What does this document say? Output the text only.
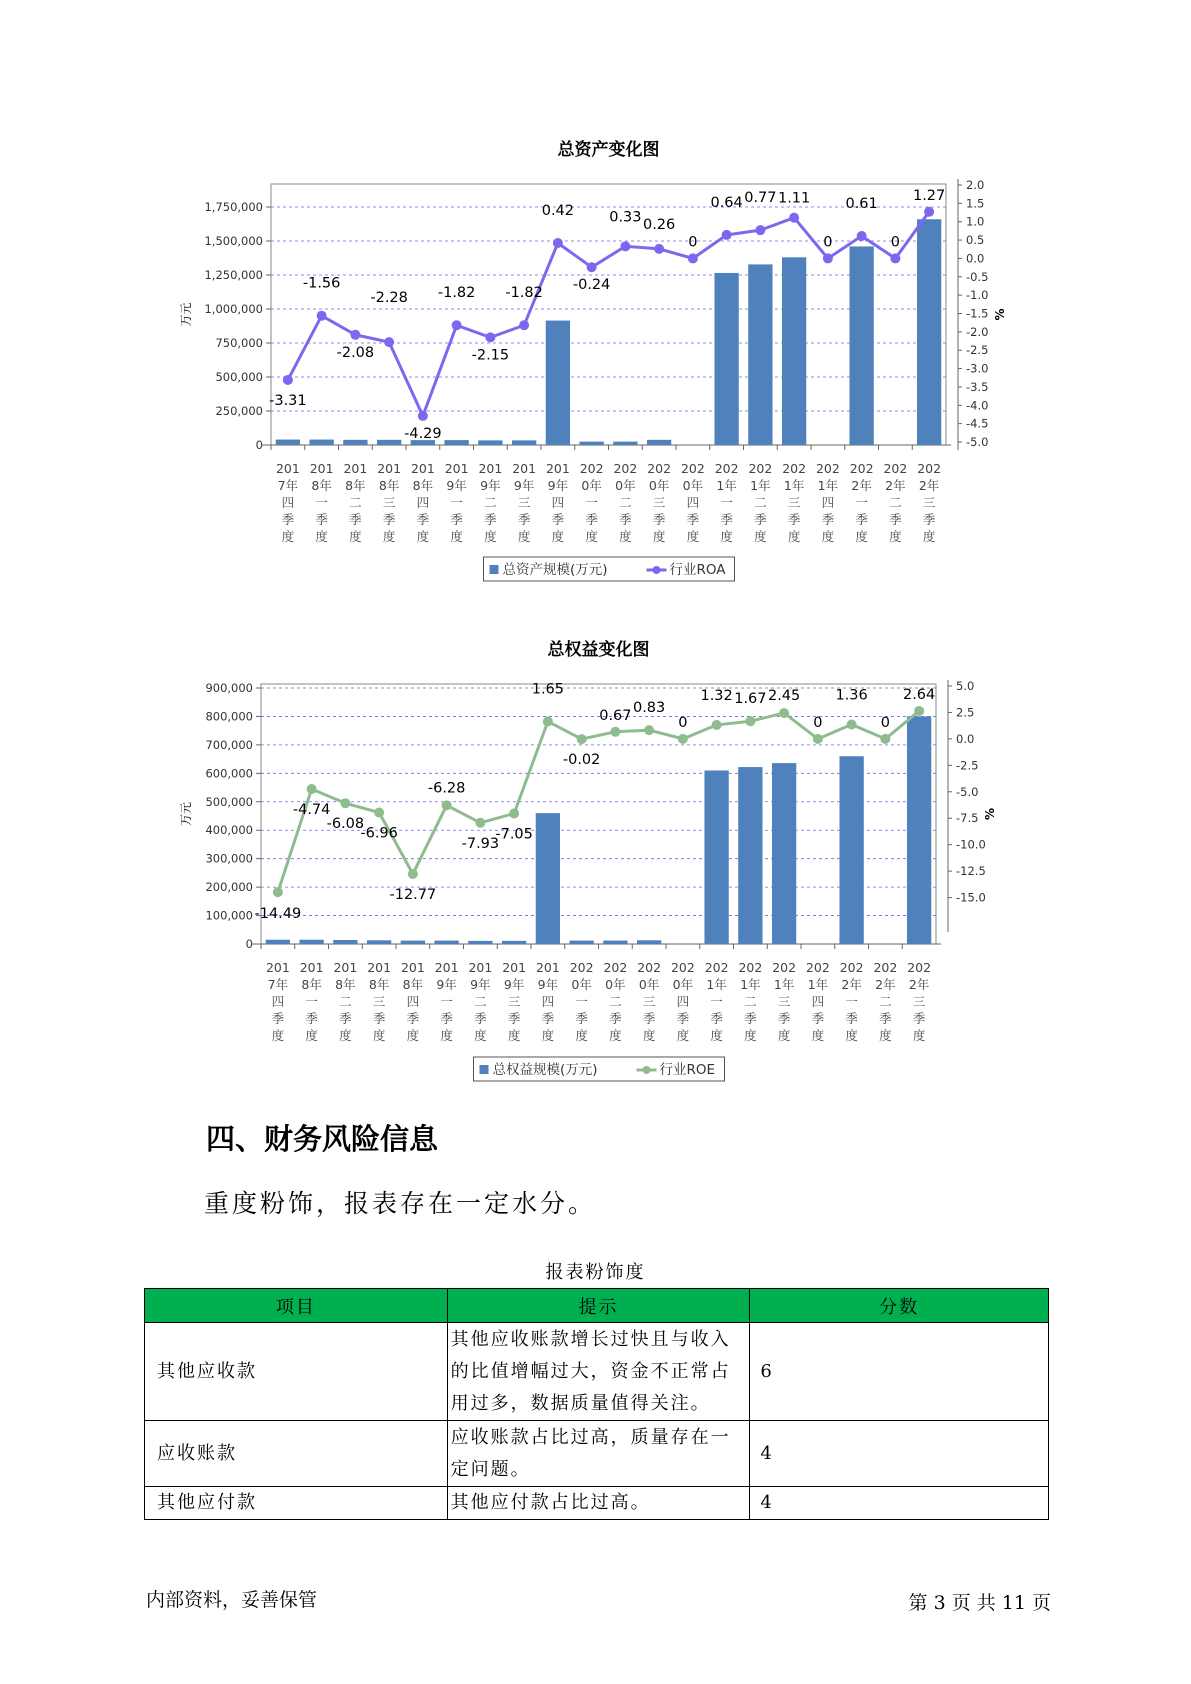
总资产变化图
0
250,000
500,000
750,000
1,000,000
1,250,000
1,500,000
1,750,000
万元
-5.0
-4.5
-4.0
-3.5
-3.0
-2.5
-2.0
-1.5
-1.0
-0.5
0.0
0.5
1.0
1.5
2.0
%
201 7年四季度
201 8年一季度
201 8年二季度
201 8年三季度
201 8年四季度
201 9年一季度
201 9年二季度
201 9年三季度
201 9年四季度
202 0年一季度
202 0年二季度
202 0年三季度
202 0年四季度
202 1年一季度
202 1年二季度
202 1年三季度
202 1年四季度
202 2年一季度
202 2年二季度
202 2年三季度
-3.31
-1.56
-2.08
-2.28
-4.29
-1.82
-2.15
-1.82
0.42
-0.24
0.33 0.26
0
0.64 0.77 1.11
0
0.61
0
1.27
总资产规模(万元)	行业ROA
总权益变化图
0
100,000
200,000
300,000
400,000
500,000
600,000
700,000
800,000
900,000
万元
-15.0
-12.5
-10.0
-7.5
-5.0
-2.5
0.0
2.5
5.0
%
201 7年四季度
201 8年一季度
201 8年二季度
201 8年三季度
201 8年四季度
201 9年一季度
201 9年二季度
201 9年三季度
201 9年四季度
202 0年一季度
202 0年二季度
202 0年三季度
202 0年四季度
202 1年一季度
202 1年二季度
202 1年三季度
202 1年四季度
202 2年一季度
202 2年二季度
202 2年三季度
-14.49
-4.74
-6.08
-6.96
-12.77
-6.28
-7.93
-7.05
1.65
-0.02
0.67 0.83
0
1.32 1.67 2.45
0
1.36
0
2.64
总权益规模(万元)	行业ROE
四、财务风险信息
重度粉饰，报表存在一定水分。
报表粉饰度
项目	提示	分数
其他应收款	其他应收账款增长过快且与收入的比值增幅过大，资金不正常占用过多，数据质量值得关注。	6
应收账款	应收账款占比过高，质量存在一定问题。	4
其他应付款	其他应付款占比过高。	4
内部资料，妥善保管	第 3 页 共 11 页
